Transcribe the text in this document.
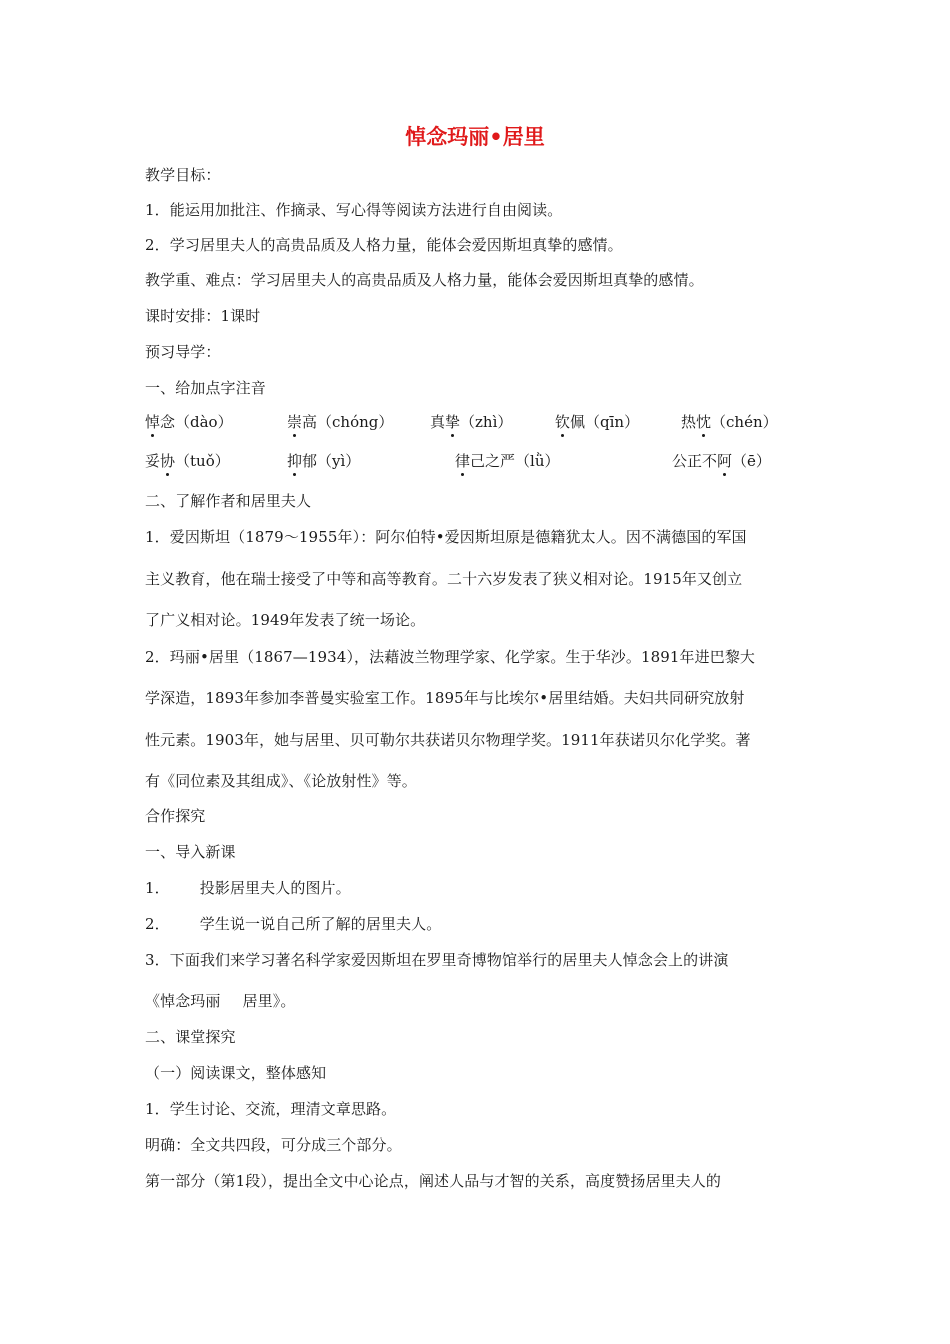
悼念玛丽•居里
教学目标：
1．能运用加批注、作摘录、写心得等阅读方法进行自由阅读。
2．学习居里夫人的高贵品质及人格力量，能体会爱因斯坦真挚的感情。
教学重、难点：学习居里夫人的高贵品质及人格力量，能体会爱因斯坦真挚的感情。
课时安排：1课时
预习导学：
一、给加点字注音
悼念（dào）	崇高（chóng） 真挚（zhì）	钦佩（qīn）	热忱（chén）
妥协（tuǒ）	抑郁（yì）	律己之严（lǜ）	公正不阿（ē）
二、了解作者和居里夫人
1．爱因斯坦（1879～1955年）：阿尔伯特•爱因斯坦原是德籍犹太人。因不满德国的军国
主义教育，他在瑞士接受了中等和高等教育。二十六岁发表了狭义相对论。1915年又创立
了广义相对论。1949年发表了统一场论。
2．玛丽•居里（1867—1934），法藉波兰物理学家、化学家。生于华沙。1891年进巴黎大
学深造，1893年参加李普曼实验室工作。1895年与比埃尔•居里结婚。夫妇共同研究放射
性元素。1903年，她与居里、贝可勒尔共获诺贝尔物理学奖。1911年获诺贝尔化学奖。著
有《同位素及其组成》、《论放射性》等。
合作探究
一、导入新课
1． 投影居里夫人的图片。
2． 学生说一说自己所了解的居里夫人。
3．下面我们来学习著名科学家爱因斯坦在罗里奇博物馆举行的居里夫人悼念会上的讲演
《悼念玛丽 居里》。
二、课堂探究
（一）阅读课文，整体感知
1．学生讨论、交流，理清文章思路。
明确：全文共四段，可分成三个部分。
第一部分（第1段），提出全文中心论点，阐述人品与才智的关系，高度赞扬居里夫人的
